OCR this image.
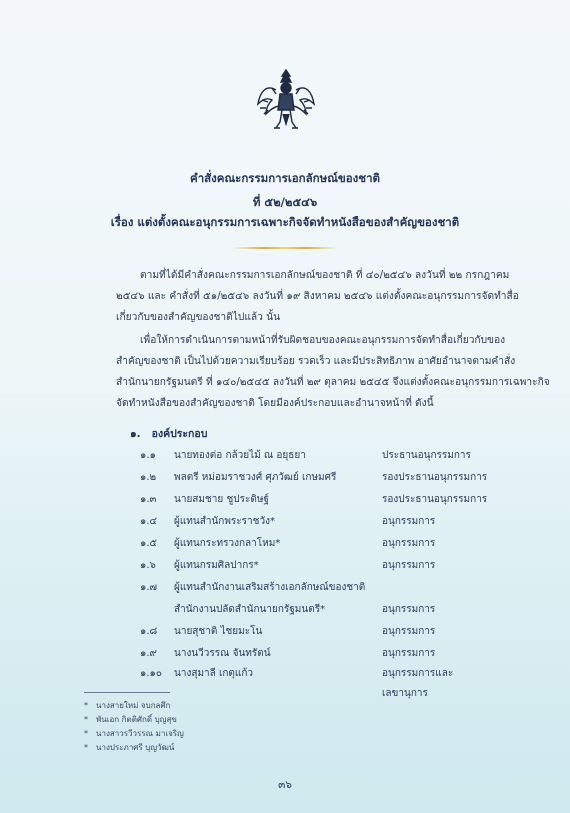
คำสั่งคณะกรรมการเอกลักษณ์ของชาติ
ที่ ๕๒/๒๕๔๖
เรื่อง แต่งตั้งคณะอนุกรรมการเฉพาะกิจจัดทำหนังสือของสำคัญของชาติ
ตามที่ได้มีคำสั่งคณะกรรมการเอกลักษณ์ของชาติ ที่ ๔๐/๒๕๔๖ ลงวันที่ ๒๒ กรกฎาคม
๒๕๔๖ และ คำสั่งที่ ๕๑/๒๕๔๖ ลงวันที่ ๑๙ สิงหาคม ๒๕๔๖ แต่งตั้งคณะอนุกรรมการจัดทำสื่อ
เกี่ยวกับของสำคัญของชาติไปแล้ว นั้น
เพื่อให้การดำเนินการตามหน้าที่รับผิดชอบของคณะอนุกรรมการจัดทำสื่อเกี่ยวกับของ
สำคัญของชาติ เป็นไปด้วยความเรียบร้อย รวดเร็ว และมีประสิทธิภาพ อาศัยอำนาจตามคำสั่ง
สำนักนายกรัฐมนตรี ที่ ๑๔๐/๒๕๔๕ ลงวันที่ ๒๙ ตุลาคม ๒๕๔๕ จึงแต่งตั้งคณะอนุกรรมการเฉพาะกิจ
จัดทำหนังสือของสำคัญของชาติ โดยมีองค์ประกอบและอำนาจหน้าที่ ดังนี้
๑. องค์ประกอบ
๑.๑ นายทองต่อ กล้วยไม้ ณ อยุธยา	ประธานอนุกรรมการ
๑.๒ พลตรี หม่อมราชวงศ์ ศุภวัฒย์ เกษมศรี	รองประธานอนุกรรมการ
๑.๓ นายสมชาย ชูประดิษฐ์	รองประธานอนุกรรมการ
๑.๔ ผู้แทนสำนักพระราชวัง*	อนุกรรมการ
๑.๕ ผู้แทนกระทรวงกลาโหม*	อนุกรรมการ
๑.๖ ผู้แทนกรมศิลปากร*	อนุกรรมการ
๑.๗ ผู้แทนสำนักงานเสริมสร้างเอกลักษณ์ของชาติ
สำนักงานปลัดสำนักนายกรัฐมนตรี*	อนุกรรมการ
๑.๘ นายสุชาติ ไชยมะโน	อนุกรรมการ
๑.๙ นางนวีวรรณ จันทรัตน์	อนุกรรมการ
๑.๑๐ นางสุมาลี เกตุแก้ว	อนุกรรมการและ
เลขานุการ
* นางสายใหม่ จบกลศึก
* พันเอก กิตติศักดิ์ บุญสุข
* นางสาวรวีวรรณ มาเจริญ
* นางประภาศรี บุญวัฒน์
๓๖
